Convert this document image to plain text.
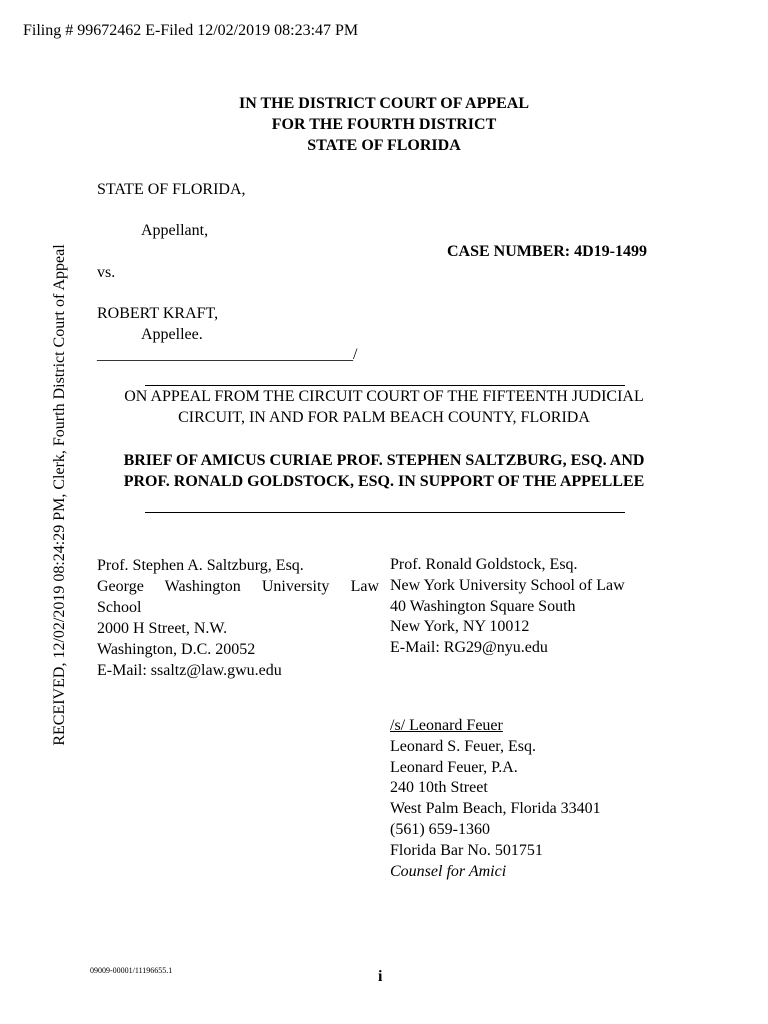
Filing # 99672462 E-Filed 12/02/2019 08:23:47 PM
RECEIVED, 12/02/2019 08:24:29 PM, Clerk, Fourth District Court of Appeal
IN THE DISTRICT COURT OF APPEAL
FOR THE FOURTH DISTRICT
STATE OF FLORIDA
STATE OF FLORIDA,
Appellant,
CASE NUMBER: 4D19-1499
vs.
ROBERT KRAFT,
Appellee.
________________________________/
ON APPEAL FROM THE CIRCUIT COURT OF THE FIFTEENTH JUDICIAL
CIRCUIT, IN AND FOR PALM BEACH COUNTY, FLORIDA
BRIEF OF AMICUS CURIAE PROF. STEPHEN SALTZBURG, ESQ. AND
PROF. RONALD GOLDSTOCK, ESQ. IN SUPPORT OF THE APPELLEE
Prof. Stephen A. Saltzburg, Esq.
George Washington University Law
School
2000 H Street, N.W.
Washington, D.C. 20052
E-Mail: ssaltz@law.gwu.edu
Prof. Ronald Goldstock, Esq.
New York University School of Law
40 Washington Square South
New York, NY 10012
E-Mail: RG29@nyu.edu
/s/ Leonard Feuer
Leonard S. Feuer, Esq.
Leonard Feuer, P.A.
240 10th Street
West Palm Beach, Florida 33401
(561) 659-1360
Florida Bar No. 501751
Counsel for Amici
09009-00001/11196655.1	i
